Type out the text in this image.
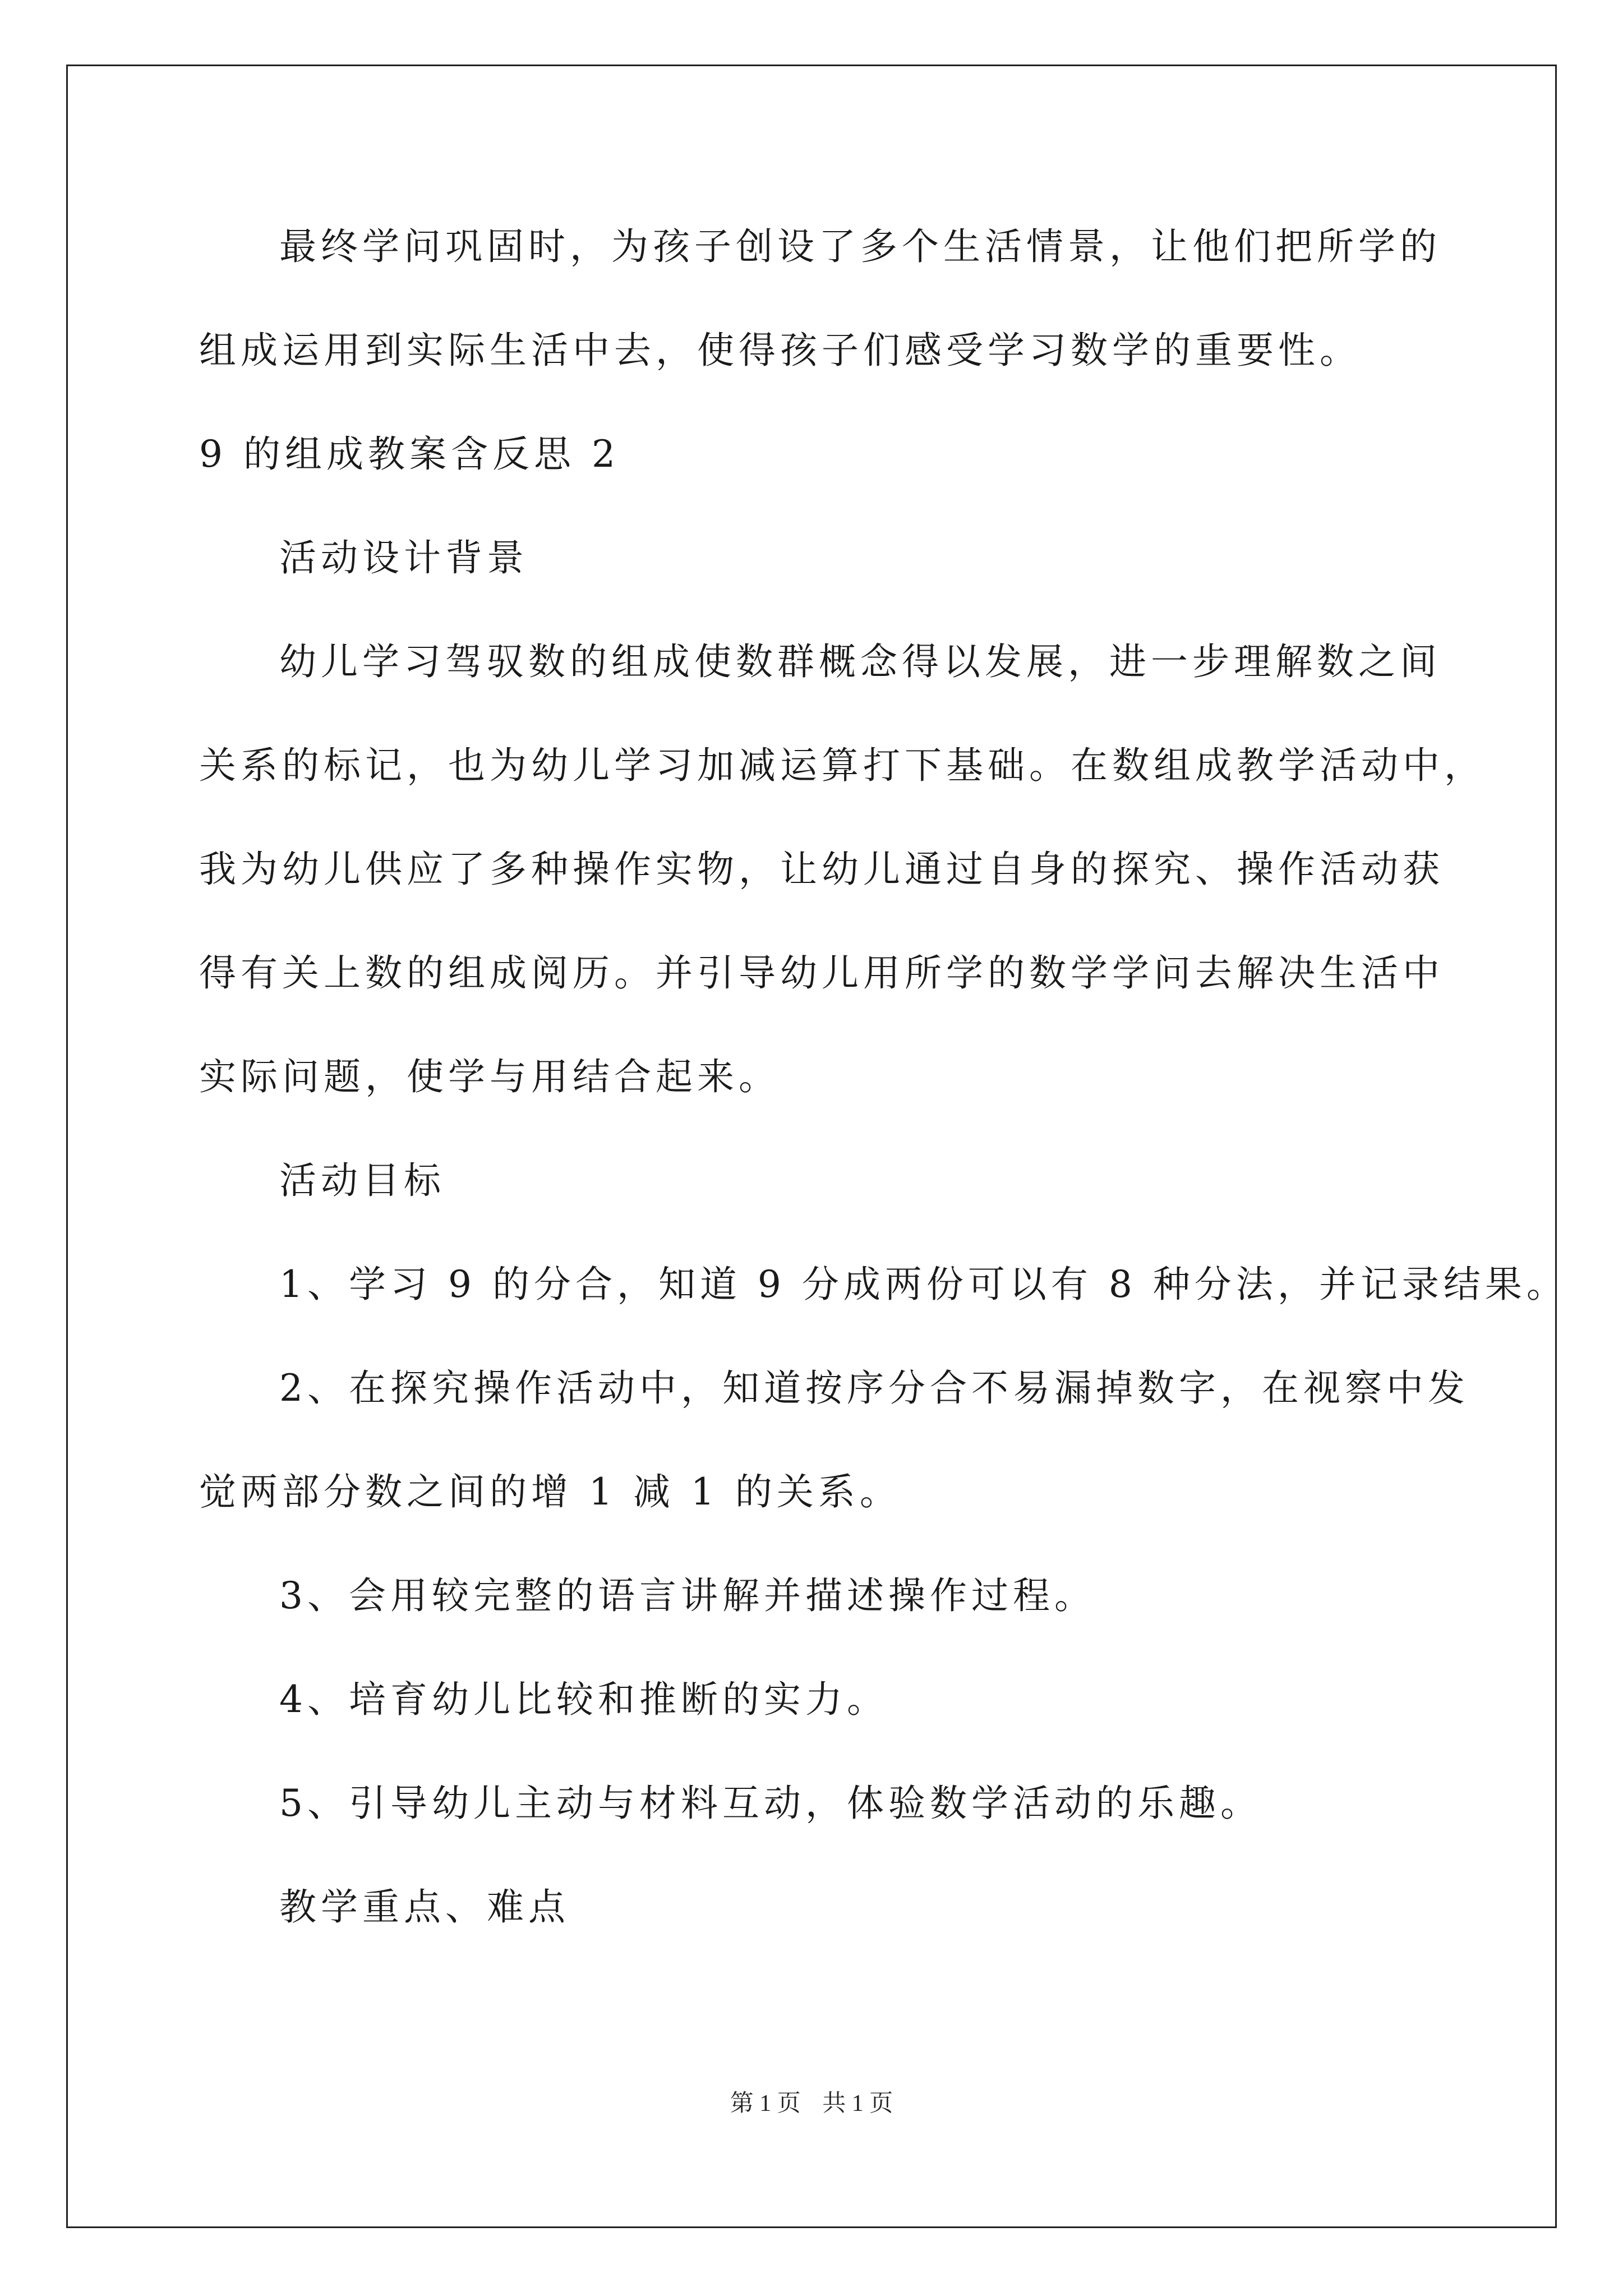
最终学问巩固时，为孩子创设了多个生活情景，让他们把所学的
组成运用到实际生活中去，使得孩子们感受学习数学的重要性。
9 的组成教案含反思 2
活动设计背景
幼儿学习驾驭数的组成使数群概念得以发展，进一步理解数之间
关系的标记，也为幼儿学习加减运算打下基础。在数组成教学活动中，
我为幼儿供应了多种操作实物，让幼儿通过自身的探究、操作活动获
得有关上数的组成阅历。并引导幼儿用所学的数学学问去解决生活中
实际问题，使学与用结合起来。
活动目标
1、学习 9 的分合，知道 9 分成两份可以有 8 种分法，并记录结果。
2、在探究操作活动中，知道按序分合不易漏掉数字，在视察中发
觉两部分数之间的增 1 减 1 的关系。
3、会用较完整的语言讲解并描述操作过程。
4、培育幼儿比较和推断的实力。
5、引导幼儿主动与材料互动，体验数学活动的乐趣。
教学重点、难点
第 1 页 共 1 页
